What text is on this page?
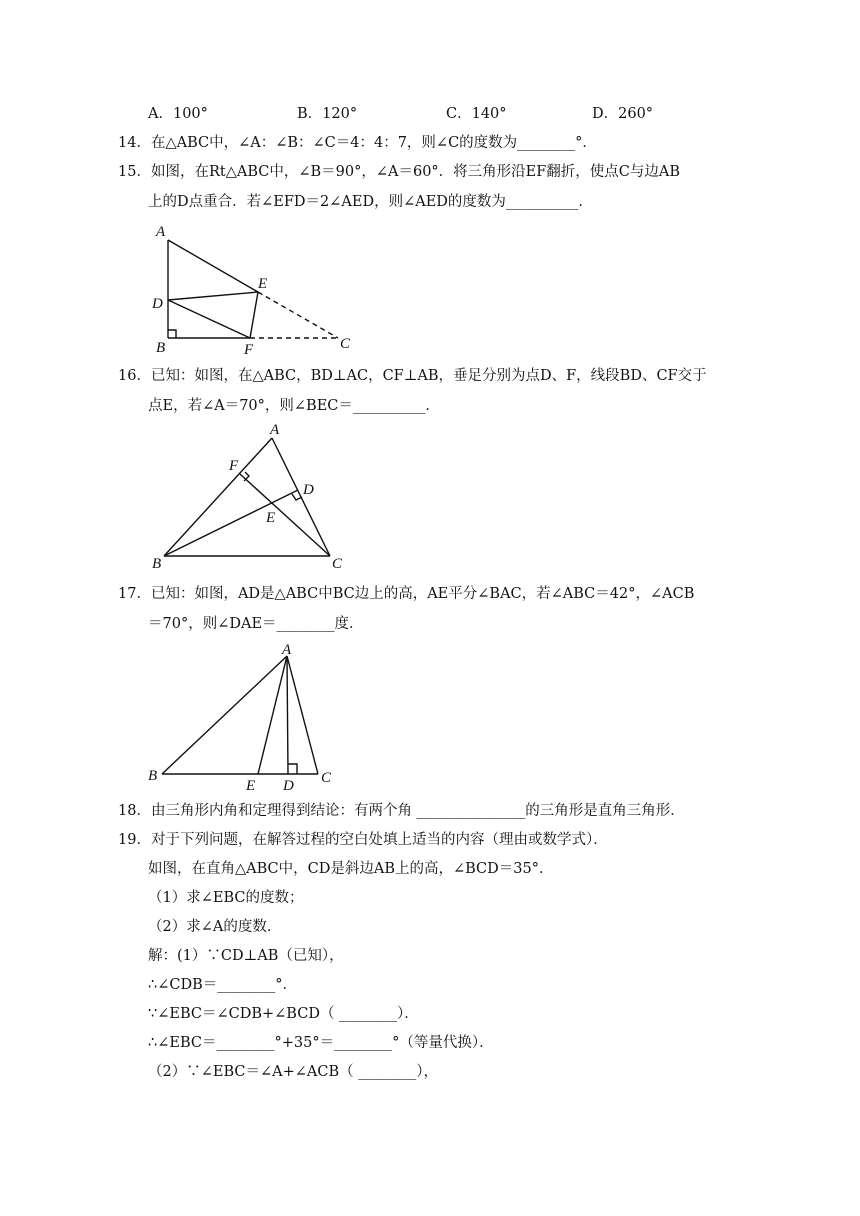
A．100°	B．120°	C．140°	D．260°
14．在△ABC中，∠A：∠B：∠C＝4：4：7，则∠C的度数为________°．
15．如图，在Rt△ABC中，∠B＝90°，∠A＝60°．将三角形沿EF翻折，使点C与边AB
上的D点重合．若∠EFD＝2∠AED，则∠AED的度数为__________．
A
D
B	F
E
C
16．已知：如图，在△ABC，BD⊥AC，CF⊥AB，垂足分别为点D、F，线段BD、CF交于
点E，若∠A＝70°，则∠BEC＝__________．
A
F
D
E
B	C
17．已知：如图，AD是△ABC中BC边上的高，AE平分∠BAC，若∠ABC＝42°，∠ACB
＝70°，则∠DAE＝________度．
A
B
E D C
18．由三角形内角和定理得到结论：有两个角 _______________的三角形是直角三角形．
19．对于下列问题，在解答过程的空白处填上适当的内容（理由或数学式）．
如图，在直角△ABC中，CD是斜边AB上的高，∠BCD＝35°．
（1）求∠EBC的度数；
（2）求∠A的度数．
解：(1）∵CD⊥AB（已知），
∴∠CDB＝________°．
∵∠EBC＝∠CDB+∠BCD（ ________）．
∴∠EBC＝________°+35°＝________°（等量代换）．
（2）∵∠EBC＝∠A+∠ACB（ ________），
